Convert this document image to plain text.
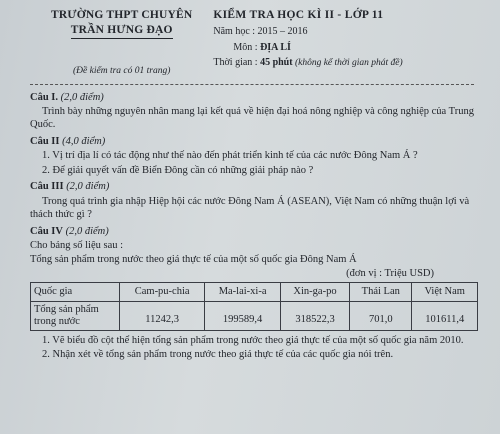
TRƯỜNG THPT CHUYÊN
TRẦN HƯNG ĐẠO
(Đề kiểm tra có 01 trang)
KIỂM TRA HỌC KÌ II - LỚP 11
Năm học : 2015 – 2016
Môn : ĐỊA LÍ
Thời gian : 45 phút (không kể thời gian phát đề)
Câu I. (2,0 điểm)
Trình bày những nguyên nhân mang lại kết quả về hiện đại hoá nông nghiệp và công nghiệp của Trung Quốc.
Câu II (4,0 điểm)
1. Vị trí địa lí có tác động như thế nào đến phát triển kinh tế của các nước Đông Nam Á ?
2. Để giải quyết vấn đề Biển Đông cần có những giải pháp nào ?
Câu III (2,0 điểm)
Trong quá trình gia nhập Hiệp hội các nước Đông Nam Á (ASEAN), Việt Nam có những thuận lợi và thách thức gì ?
Câu IV (2,0 điểm)
Cho bảng số liệu sau :
Tổng sản phẩm trong nước theo giá thực tế của một số quốc gia Đông Nam Á
(đơn vị : Triệu USD)
Quốc gia	Cam-pu-chia	Ma-lai-xi-a	Xin-ga-po	Thái Lan	Việt Nam
Tổng sản phẩm trong nước	11242,3	199589,4	318522,3	701,0	101611,4
1. Vẽ biểu đồ cột thể hiện tổng sản phẩm trong nước theo giá thực tế của một số quốc gia năm 2010.
2. Nhận xét về tổng sản phẩm trong nước theo giá thực tế của các quốc gia nói trên.
